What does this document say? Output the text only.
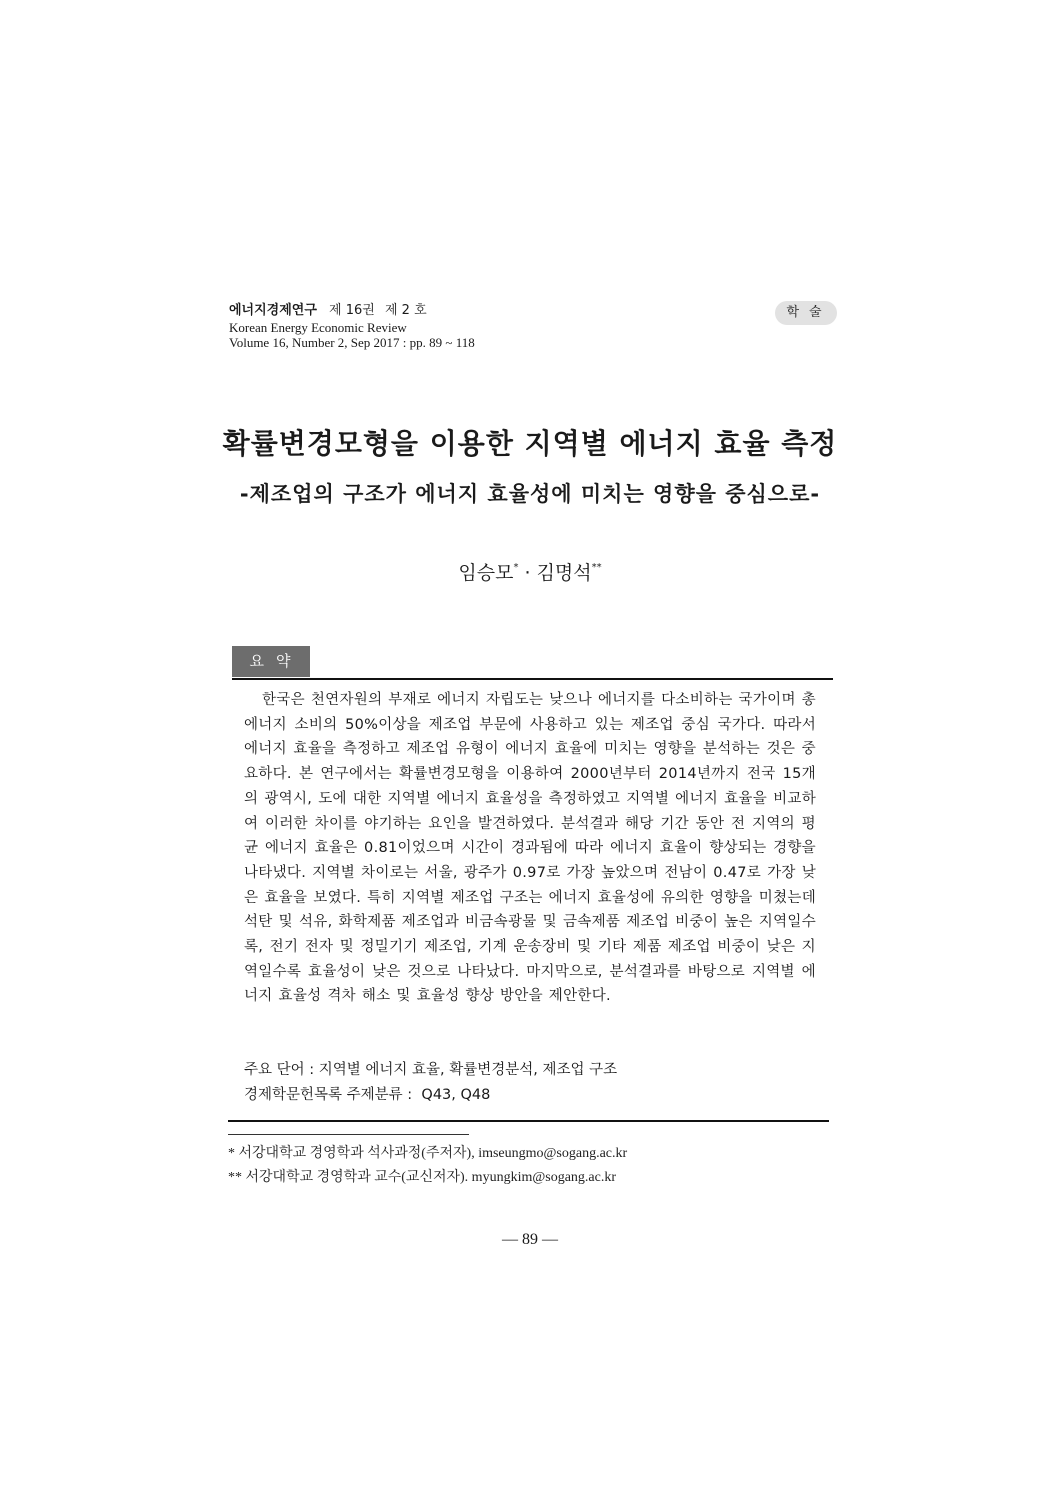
에너지경제연구 제 16권 제 2 호
Korean Energy Economic Review
Volume 16, Number 2, Sep 2017 : pp. 89 ~ 118
학술
확률변경모형을 이용한 지역별 에너지 효율 측정
-제조업의 구조가 에너지 효율성에 미치는 영향을 중심으로-
임승모* · 김명석**
요약
한국은 천연자원의 부재로 에너지 자립도는 낮으나 에너지를 다소비하는 국가이며 총 에너지 소비의 50%이상을 제조업 부문에 사용하고 있는 제조업 중심 국가다. 따라서 에너지 효율을 측정하고 제조업 유형이 에너지 효율에 미치는 영향을 분석하는 것은 중요하다. 본 연구에서는 확률변경모형을 이용하여 2000년부터 2014년까지 전국 15개의 광역시, 도에 대한 지역별 에너지 효율성을 측정하였고 지역별 에너지 효율을 비교하여 이러한 차이를 야기하는 요인을 발견하였다. 분석결과 해당 기간 동안 전 지역의 평균 에너지 효율은 0.81이었으며 시간이 경과됨에 따라 에너지 효율이 향상되는 경향을 나타냈다. 지역별 차이로는 서울, 광주가 0.97로 가장 높았으며 전남이 0.47로 가장 낮은 효율을 보였다. 특히 지역별 제조업 구조는 에너지 효율성에 유의한 영향을 미쳤는데 석탄 및 석유, 화학제품 제조업과 비금속광물 및 금속제품 제조업 비중이 높은 지역일수록, 전기 전자 및 정밀기기 제조업, 기계 운송장비 및 기타 제품 제조업 비중이 낮은 지역일수록 효율성이 낮은 것으로 나타났다. 마지막으로, 분석결과를 바탕으로 지역별 에너지 효율성 격차 해소 및 효율성 향상 방안을 제안한다.
주요 단어 : 지역별 에너지 효율, 확률변경분석, 제조업 구조
경제학문헌목록 주제분류 :  Q43, Q48
* 서강대학교 경영학과 석사과정(주저자), imseungmo@sogang.ac.kr
** 서강대학교 경영학과 교수(교신저자). myungkim@sogang.ac.kr
— 89 —
